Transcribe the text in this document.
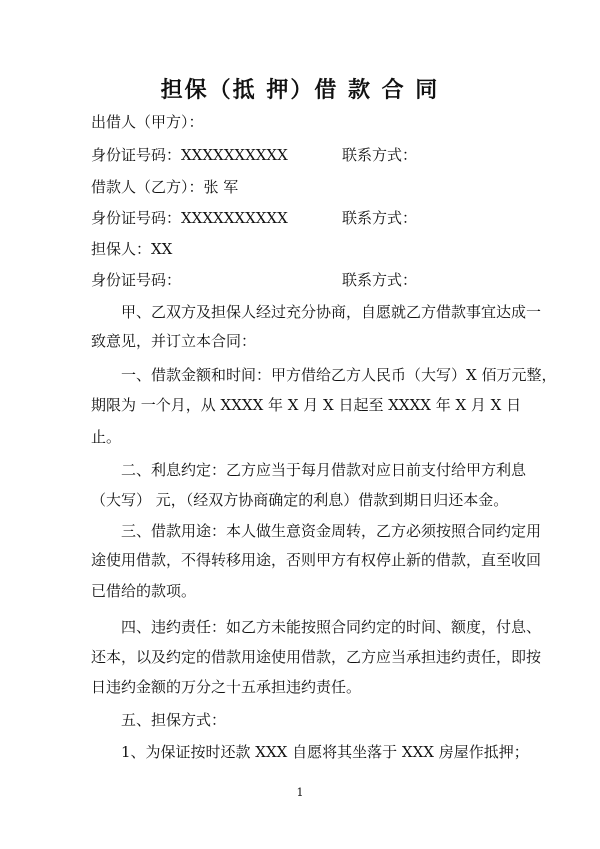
担保（抵 押）借 款 合 同
出借人（甲方）：
身份证号码：XXXXXXXXXX	联系方式：
借款人（乙方）：张 军
身份证号码：XXXXXXXXXX	联系方式：
担保人：XX
身份证号码：	联系方式：
甲、乙双方及担保人经过充分协商，自愿就乙方借款事宜达成一
致意见，并订立本合同：
一、借款金额和时间：甲方借给乙方人民币（大写）X 佰万元整，
期限为 一个月，从 XXXX 年 X 月 X 日起至 XXXX 年 X 月 X 日
止。
二、利息约定：乙方应当于每月借款对应日前支付给甲方利息
（大写） 元，（经双方协商确定的利息）借款到期日归还本金。
三、借款用途：本人做生意资金周转，乙方必须按照合同约定用
途使用借款，不得转移用途，否则甲方有权停止新的借款，直至收回
已借给的款项。
四、违约责任：如乙方未能按照合同约定的时间、额度，付息、
还本，以及约定的借款用途使用借款，乙方应当承担违约责任，即按
日违约金额的万分之十五承担违约责任。
五、担保方式：
1、为保证按时还款 XXX 自愿将其坐落于 XXX 房屋作抵押；
1
